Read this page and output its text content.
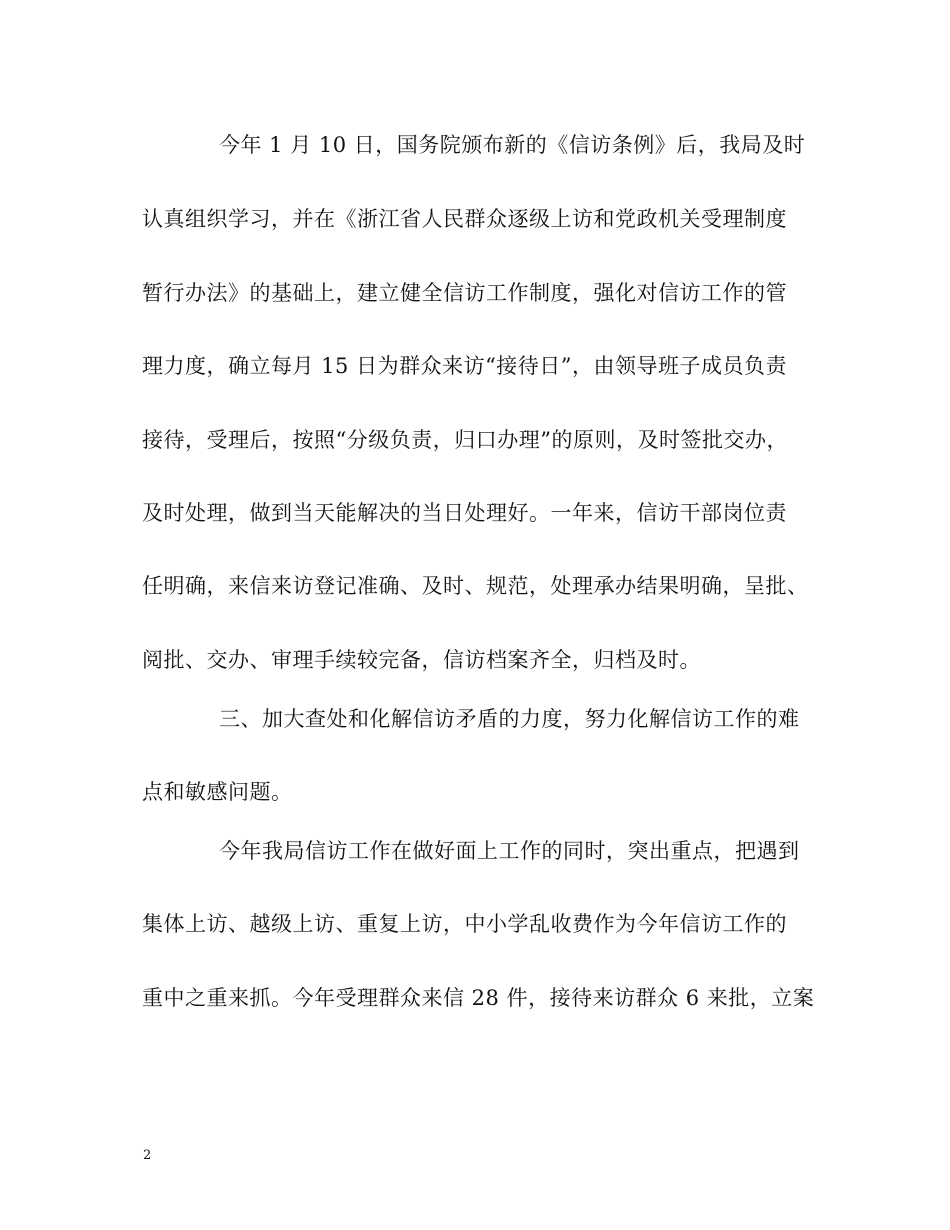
今年 1 月 10 日，国务院颁布新的《信访条例》后，我局及时
认真组织学习，并在《浙江省人民群众逐级上访和党政机关受理制度
暂行办法》的基础上，建立健全信访工作制度，强化对信访工作的管
理力度，确立每月 15 日为群众来访“接待日”，由领导班子成员负责
接待，受理后，按照“分级负责，归口办理”的原则，及时签批交办，
及时处理，做到当天能解决的当日处理好。一年来，信访干部岗位责
任明确，来信来访登记准确、及时、规范，处理承办结果明确，呈批、
阅批、交办、审理手续较完备，信访档案齐全，归档及时。
三、加大查处和化解信访矛盾的力度，努力化解信访工作的难
点和敏感问题。
今年我局信访工作在做好面上工作的同时，突出重点，把遇到
集体上访、越级上访、重复上访，中小学乱收费作为今年信访工作的
重中之重来抓。今年受理群众来信 28 件，接待来访群众 6 来批，立案
2
